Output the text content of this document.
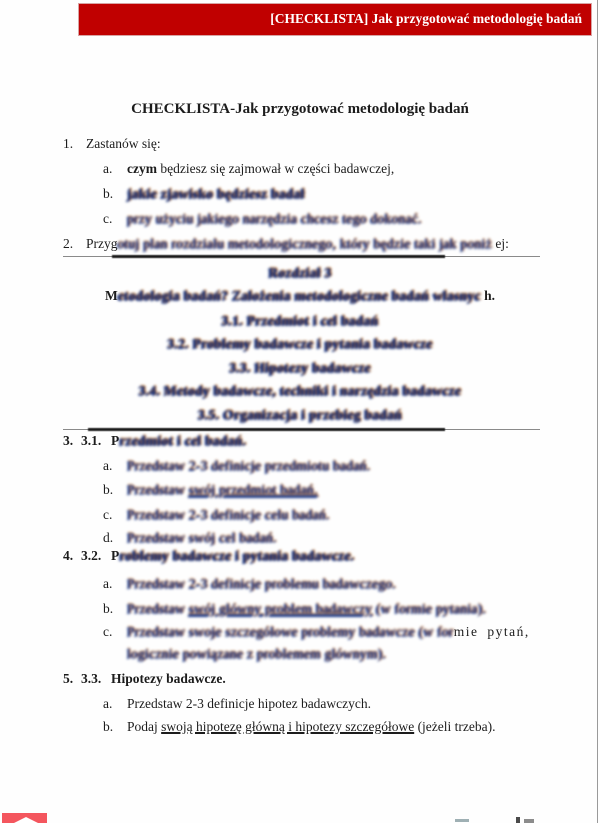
[CHECKLISTA] Jak przygotować metodologię badań
CHECKLISTA-Jak przygotować metodologię badań
1. Zastanów się:
a. czym będziesz się zajmował w części badawczej,
b. jakie zjawisko będziesz badał
c. przy użyciu jakiego narzędzia chcesz tego dokonać.
2. Przygotuj plan rozdziału metodologicznego, który będzie taki jak poniż ej:
Rozdział 3
Metodologia badań? Założenia metodologiczne badań własnyc h.
3.1. Przedmiot i cel badań
3.2. Problemy badawcze i pytania badawcze
3.3. Hipotezy badawcze
3.4. Metody badawcze, techniki i narzędzia badawcze
3.5. Organizacja i przebieg badań
3. 3.1. Przedmiot i cel badań.
a. Przedstaw 2-3 definicje przedmiotu badań.
b. Przedstaw swój przedmiot badań.
c. Przedstaw 2-3 definicje celu badań.
d. Przedstaw swój cel badań.
4. 3.2. Problemy badawcze i pytania badawcze.
a. Przedstaw 2-3 definicje problemu badawczego.
b. Przedstaw swój główny problem badawczy (w formie pytania).
c. Przedstaw swoje szczegółowe problemy badawcze (w formie pytań,
logicznie powiązane z problemem głównym).
5. 3.3. Hipotezy badawcze.
a. Przedstaw 2-3 definicje hipotez badawczych.
b. Podaj swoją hipotezę główną i hipotezy szczegółowe (jeżeli trzeba).
